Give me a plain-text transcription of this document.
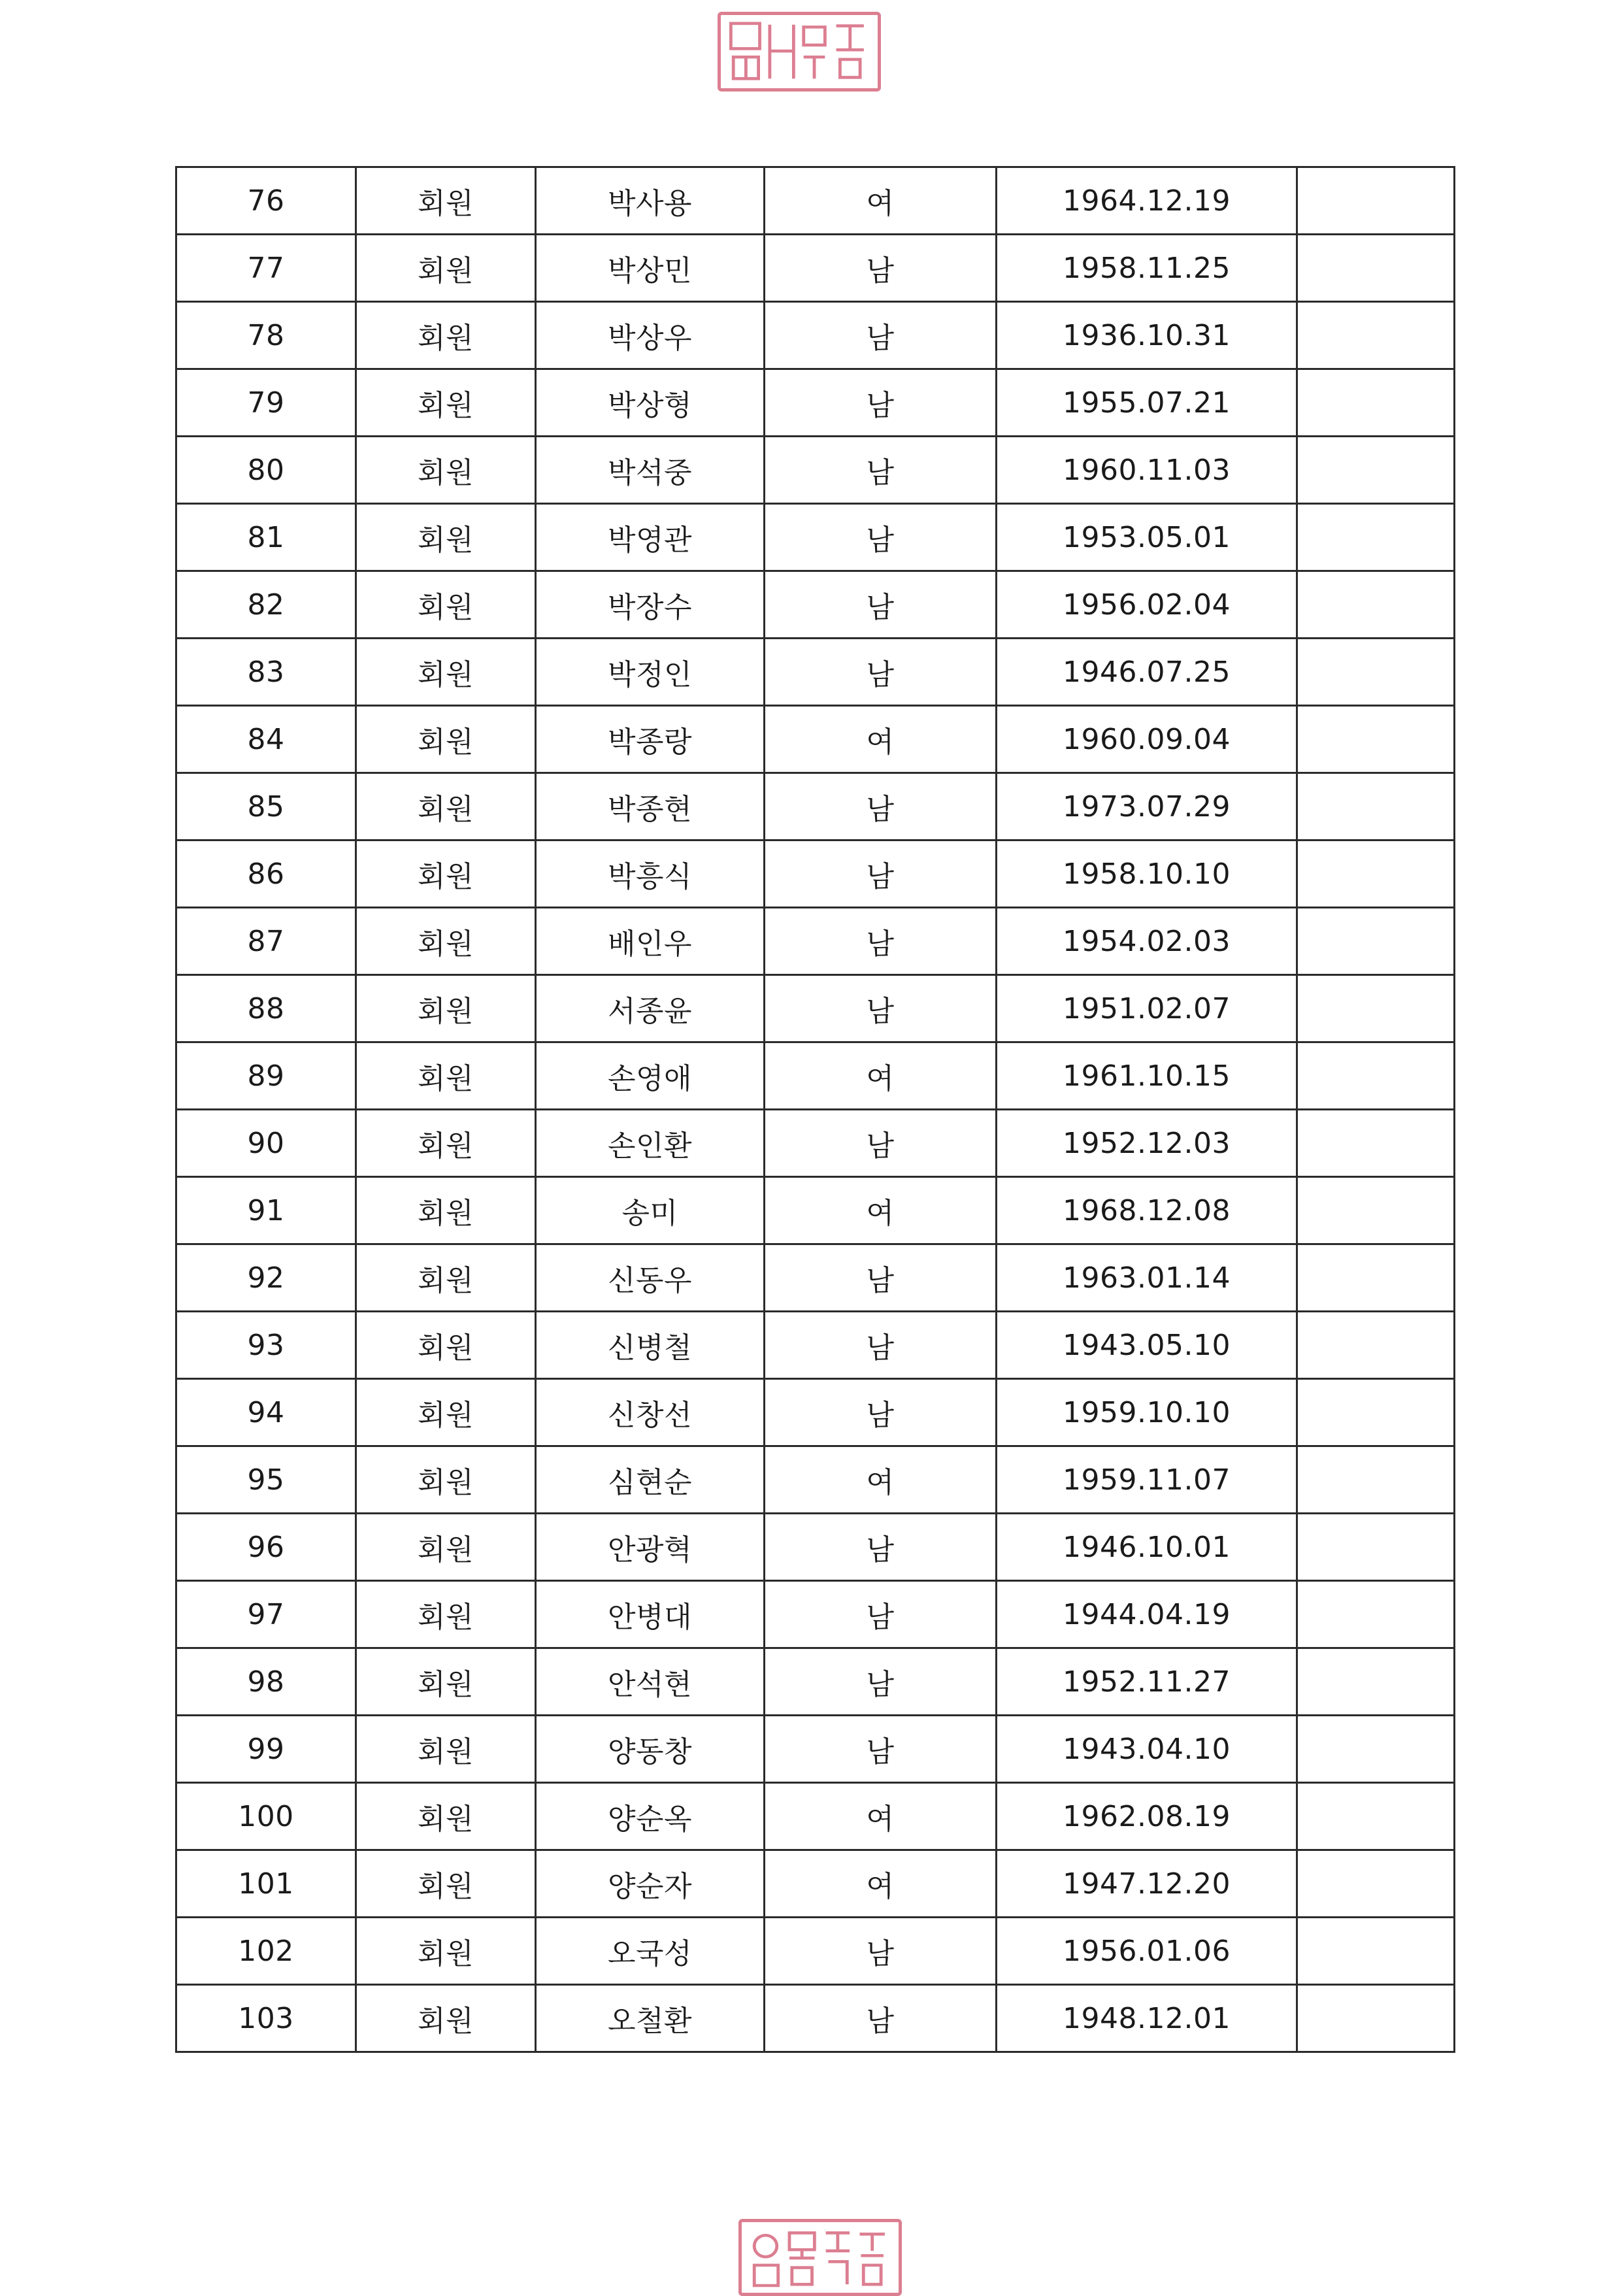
76	회원	박사용	여	1964.12.19	
77	회원	박상민	남	1958.11.25	
78	회원	박상우	남	1936.10.31	
79	회원	박상형	남	1955.07.21	
80	회원	박석중	남	1960.11.03	
81	회원	박영관	남	1953.05.01	
82	회원	박장수	남	1956.02.04	
83	회원	박정인	남	1946.07.25	
84	회원	박종랑	여	1960.09.04	
85	회원	박종현	남	1973.07.29	
86	회원	박흥식	남	1958.10.10	
87	회원	배인우	남	1954.02.03	
88	회원	서종윤	남	1951.02.07	
89	회원	손영애	여	1961.10.15	
90	회원	손인환	남	1952.12.03	
91	회원	송미	여	1968.12.08	
92	회원	신동우	남	1963.01.14	
93	회원	신병철	남	1943.05.10	
94	회원	신창선	남	1959.10.10	
95	회원	심현순	여	1959.11.07	
96	회원	안광혁	남	1946.10.01	
97	회원	안병대	남	1944.04.19	
98	회원	안석현	남	1952.11.27	
99	회원	양동창	남	1943.04.10	
100	회원	양순옥	여	1962.08.19	
101	회원	양순자	여	1947.12.20	
102	회원	오국성	남	1956.01.06	
103	회원	오철환	남	1948.12.01	
